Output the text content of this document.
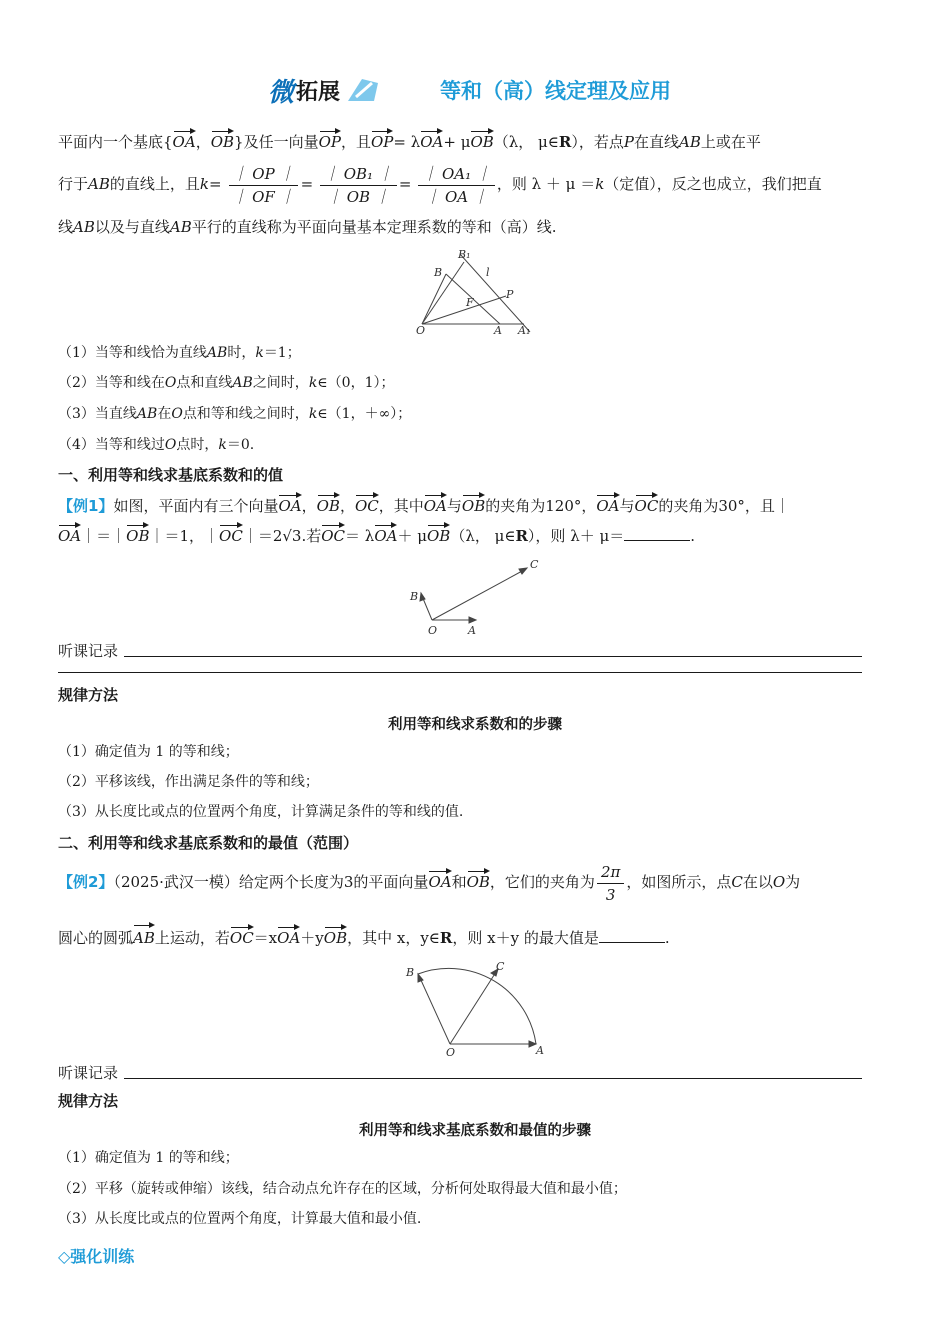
微 拓展	等和（高）线定理及应用
平面内一个基底{OA，OB}及任一向量OP，且OP= λOA+ μOB（λ， μ∈R），若点P在直线AB上或在平
行于AB的直线上，且$k= \frac{| OP |}{| OF |} = \frac{\text{｜ OB₁ ｜}}{| OB |} = \frac{\text{｜ OA₁ ｜}}{| OA |}$ ，则 λ ＋ μ ＝k（定值），反之也成立，我们把直
线AB以及与直线AB平行的直线称为平面向量基本定理系数的等和（高）线.
B₁
B	l
F
P
O	A A₁
（1）当等和线恰为直线AB时，k＝1；
（2）当等和线在O点和直线AB之间时，k∈（0，1）；
（3）当直线AB在O点和等和线之间时，k∈（1，＋∞）；
（4）当等和线过O点时，k＝0.
一、利用等和线求基底系数和的值
【例1】如图，平面内有三个向量OA，OB，OC，其中OA与OB的夹角为120°，OA与OC的夹角为30°，且｜
OA｜＝｜OB｜＝1，｜OC｜＝2√3.若OC＝ λOA＋ μOB（λ， μ∈R），则 λ＋ μ＝	.
B
C
O	A
听课记录
规律方法
利用等和线求系数和的步骤
（1）确定值为 1 的等和线；
（2）平移该线，作出满足条件的等和线；
（3）从长度比或点的位置两个角度，计算满足条件的等和线的值.
二、利用等和线求基底系数和的最值（范围）
【例2】（2025·武汉一模）给定两个长度为3的平面向量OA和OB，它们的夹角为 $\frac{2\pi}{3}$ ，如图所示，点C在以O为
圆心的圆弧AB上运动，若OC＝xOA＋yOB，其中 x，y∈R，则 x＋y 的最大值是	.
B	C
O	A
听课记录
规律方法
利用等和线求基底系数和最值的步骤
（1）确定值为 1 的等和线；
（2）平移（旋转或伸缩）该线，结合动点允许存在的区域，分析何处取得最大值和最小值；
（3）从长度比或点的位置两个角度，计算最大值和最小值.
◇强化训练
